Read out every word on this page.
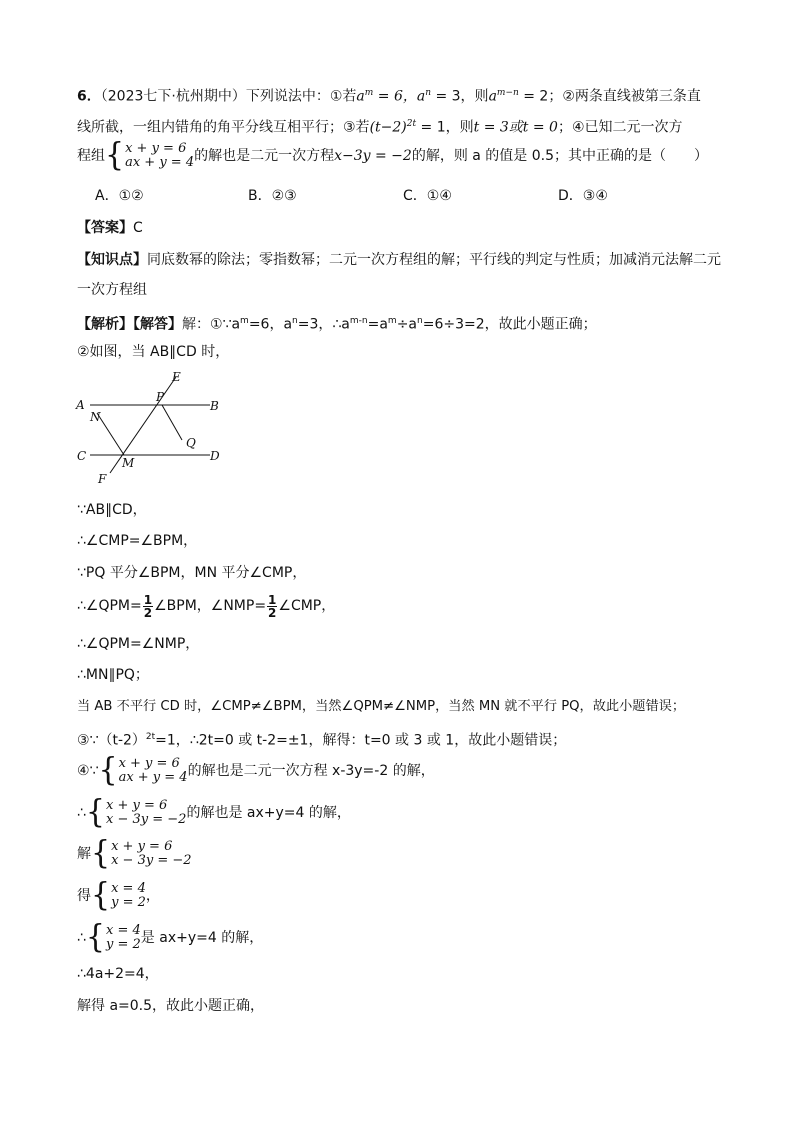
6．（2023七下·杭州期中）下列说法中：①若$a^m = 6$，$a^n = 3$，则$a^{m-n} = 2$；②两条直线被第三条直
线所截，一组内错角的角平分线互相平行；③若$(t-2)^{2t} = 1$，则t = 3或t = 0；④已知二元一次方
程组{ x + y = 6
ax + y = 4 的解也是二元一次方程x−3y = −2的解，则 a 的值是 0.5；其中正确的是（　　）
A．①②	B．②③	C．①④	D．③④
【答案】C
【知识点】同底数幂的除法；零指数幂；二元一次方程组的解；平行线的判定与性质；加减消元法解二元
一次方程组
【解析】【解答】解：$①\because a^m=6$，$a^n=3$，$\therefore a^{m-n}=a^m\div a^n=6\div 3=2$，故此小题正确；
②如图，当 AB∥CD 时，
A	B
C	D
E
F
M
N
P
Q
∵AB∥CD，
∴∠CMP=∠BPM，
∵PQ 平分∠BPM，MN 平分∠CMP，
∴∠QPM= $\frac{1}{2}$ ∠BPM，∠NMP= $\frac{1}{2}$ ∠CMP，
∴∠QPM=∠NMP，
∴MN∥PQ；
当 AB 不平行 CD 时，∠CMP≠∠BPM，当然∠QPM≠∠NMP，当然 MN 就不平行 PQ，故此小题错误；
$③\because(t-2)^{2t}=1$，∴2t=0 或 t-2=±1，解得：t=0 或 3 或 1，故此小题错误；
④∵{ x + y = 6
ax + y = 4 的解也是二元一次方程 x-3y=-2 的解，
∴{ x + y = 6
x − 3y = −2 的解也是 ax+y=4 的解，
解{ x + y = 6
x − 3y = −2
得{ x = 4
y = 2 ，
∴{ x = 4
y = 2 是 ax+y=4 的解，
∴4a+2=4，
解得 a=0.5，故此小题正确，
